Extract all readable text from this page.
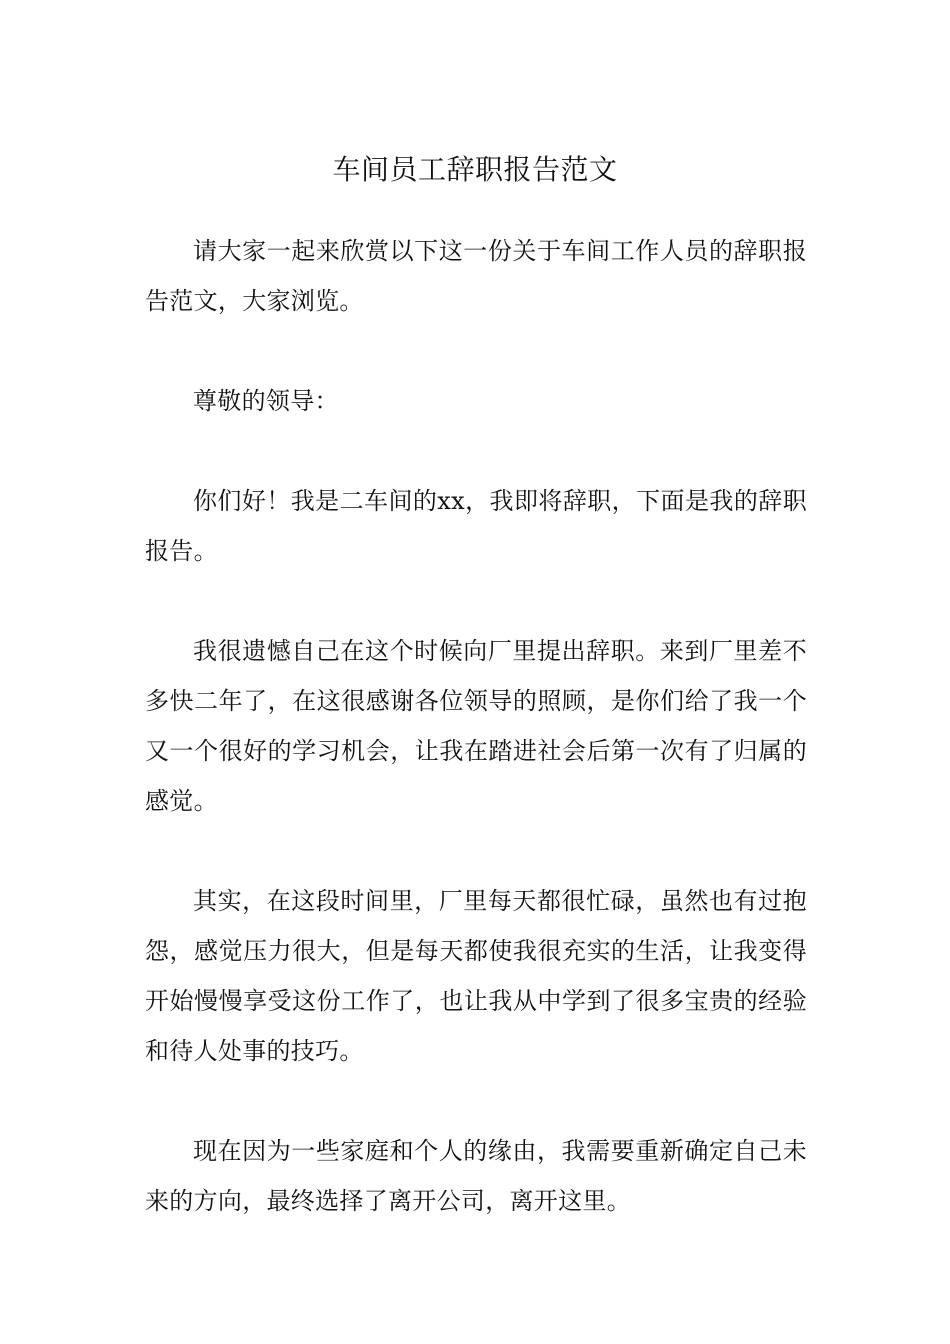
车间员工辞职报告范文

请大家一起来欣赏以下这一份关于车间工作人员的辞职报告范文，大家浏览。

尊敬的领导：

你们好！我是二车间的xx，我即将辞职，下面是我的辞职报告。

我很遗憾自己在这个时候向厂里提出辞职。来到厂里差不多快二年了，在这很感谢各位领导的照顾，是你们给了我一个又一个很好的学习机会，让我在踏进社会后第一次有了归属的感觉。

其实，在这段时间里，厂里每天都很忙碌，虽然也有过抱怨，感觉压力很大，但是每天都使我很充实的生活，让我变得开始慢慢享受这份工作了，也让我从中学到了很多宝贵的经验和待人处事的技巧。

现在因为一些家庭和个人的缘由，我需要重新确定自己未来的方向，最终选择了离开公司，离开这里。
